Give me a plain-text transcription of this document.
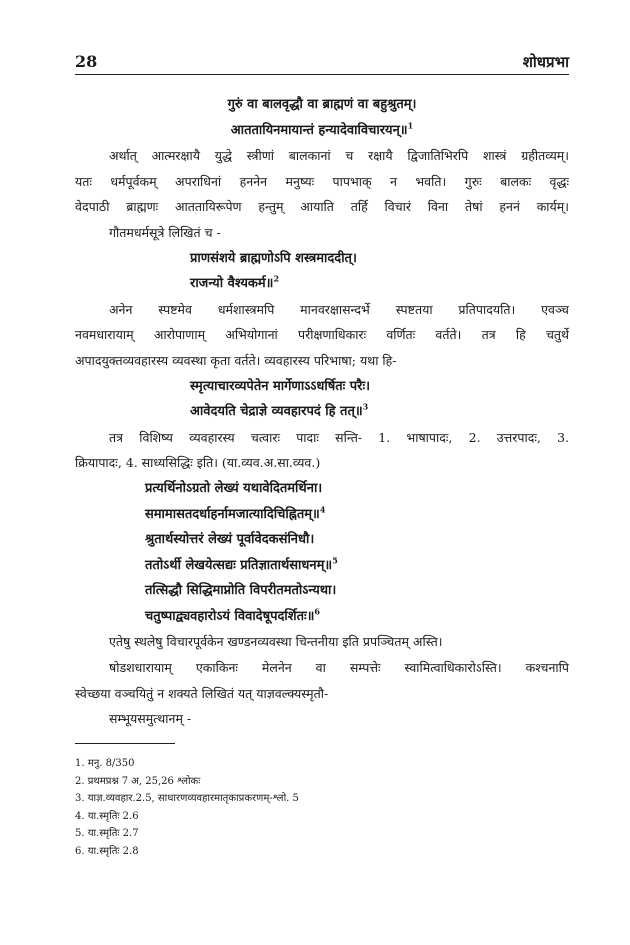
28	शोधप्रभा
गुरुं वा बालवृद्धौ वा ब्राह्मणं वा बहुश्रुतम्।
आततायिनमायान्तं हन्यादेवाविचारयन्॥$^1$
अर्थात् आत्मरक्षायै युद्धे स्त्रीणां बालकानां च रक्षायै द्विजातिभिरपि शास्त्रं ग्रहीतव्यम्।
यतः धर्मपूर्वकम् अपराधिनां हननेन मनुष्यः पापभाक् न भवति। गुरुः बालकः वृद्धः
वेदपाठी ब्राह्मणः आततायिरूपेण हन्तुम् आयाति तर्हि विचारं विना तेषां हननं कार्यम्।
गौतमधर्मसूत्रे लिखितं च -
प्राणसंशये ब्राह्मणोऽपि शस्त्रमाददीत्।
राजन्यो वैश्यकर्म॥$^2$
अनेन स्पष्टमेव धर्मशास्त्रमपि मानवरक्षासन्दर्भे स्पष्टतया प्रतिपादयति। एवञ्च
नवमधारायाम् आरोपाणाम् अभियोगानां परीक्षणाधिकारः वर्णितः वर्तते। तत्र हि चतुर्थे
अपादयुक्तव्यवहारस्य व्यवस्था कृता वर्तते। व्यवहारस्य परिभाषा; यथा हि-
स्मृत्याचारव्यपेतेन मार्गेणाऽऽधर्षितः परैः।
आवेदयति चेद्राज्ञे व्यवहारपदं हि तत्॥$^3$
तत्र विशिष्य व्यवहारस्य चत्वारः पादाः सन्ति- 1. भाषापादः, 2. उत्तरपादः, 3.
क्रियापादः, 4. साध्यसिद्धिः इति। (या.व्यव.अ.सा.व्यव.)
प्रत्यर्थिनोऽग्रतो लेख्यं यथावेदितमर्थिना।
समामासतदर्धाहर्नामजात्यादिचिह्नितम्॥$^4$
श्रुतार्थस्योत्तरं लेख्यं पूर्वावेदकसंनिधौ।
ततोऽर्थी लेखयेत्सद्यः प्रतिज्ञातार्थसाधनम्॥$^5$
तत्सिद्धौ सिद्धिमाप्नोति विपरीतमतोऽन्यथा।
चतुष्पाद्व्यवहारोऽयं विवादेषूपदर्शितः॥$^6$
एतेषु स्थलेषु विचारपूर्वकेन खण्डनव्यवस्था चिन्तनीया इति प्रपञ्चितम् अस्ति।
षोडशधारायाम् एकाकिनः मेलनेन वा सम्पत्तेः स्वामित्वाधिकारोऽस्ति। कश्चनापि
स्वेच्छया वञ्चयितुं न शक्यते लिखितं यत् याज्ञवल्क्यस्मृतौ-
सम्भूयसमुत्थानम् -
1. मनु. 8/350
2. प्रथमप्रश्न 7 अ, 25,26 श्लोकः
3. याज्ञ.व्यवहार.2.5, साधारणव्यवहारमातृकाप्रकरणम्-श्लो. 5
4. या.स्मृतिः 2.6
5. या.स्मृतिः 2.7
6. या.स्मृतिः 2.8
